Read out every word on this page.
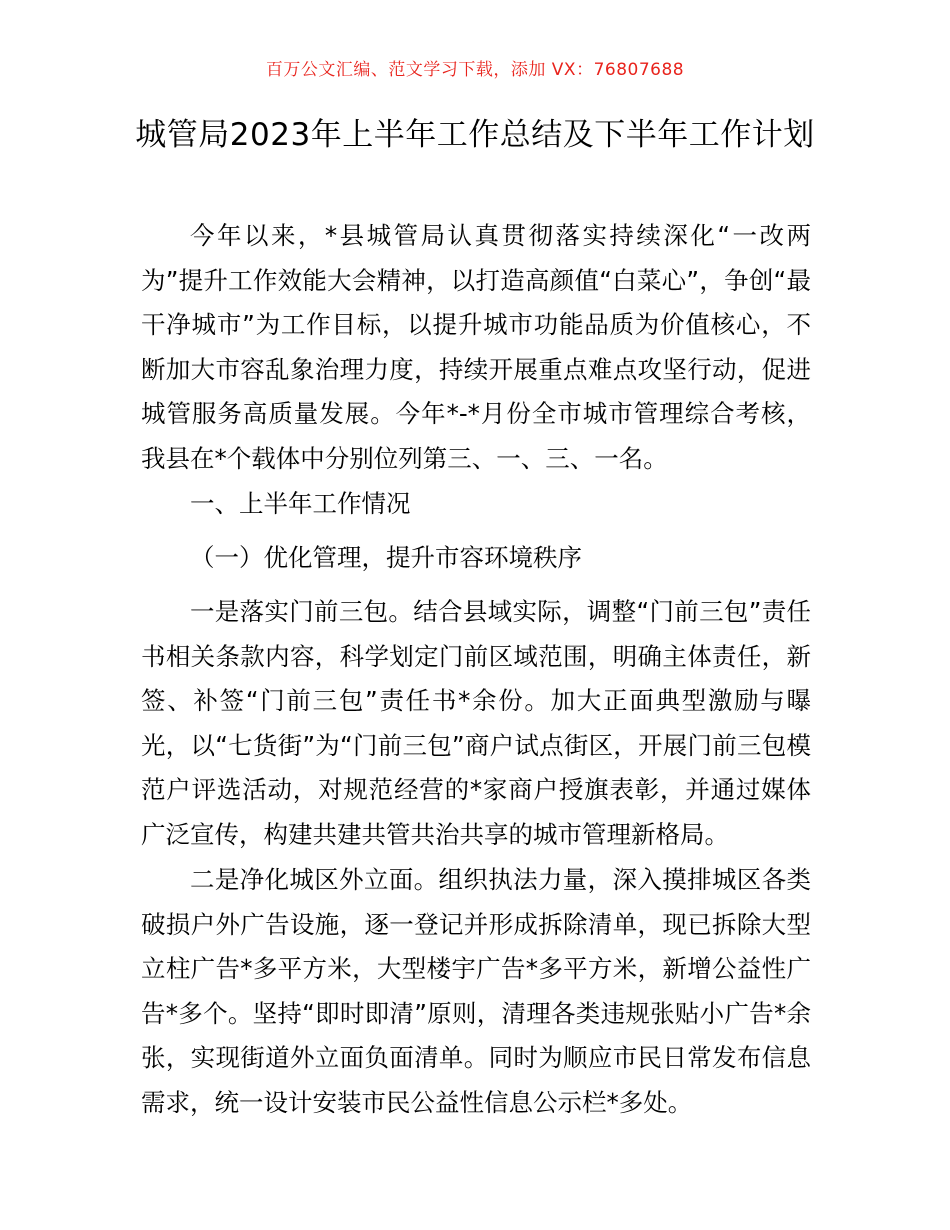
百万公文汇编、范文学习下载，添加 VX：76807688
城管局2023年上半年工作总结及下半年工作计划

今年以来，*县城管局认真贯彻落实持续深化“一改两为”提升工作效能大会精神，以打造高颜值“白菜心”，争创“最干净城市”为工作目标，以提升城市功能品质为价值核心，不断加大市容乱象治理力度，持续开展重点难点攻坚行动，促进城管服务高质量发展。今年*-*月份全市城市管理综合考核，我县在*个载体中分别位列第三、一、三、一名。

一、上半年工作情况

（一）优化管理，提升市容环境秩序

一是落实门前三包。结合县域实际，调整“门前三包”责任书相关条款内容，科学划定门前区域范围，明确主体责任，新签、补签“门前三包”责任书*余份。加大正面典型激励与曝光，以“七货街”为“门前三包”商户试点街区，开展门前三包模范户评选活动，对规范经营的*家商户授旗表彰，并通过媒体广泛宣传，构建共建共管共治共享的城市管理新格局。

二是净化城区外立面。组织执法力量，深入摸排城区各类破损户外广告设施，逐一登记并形成拆除清单，现已拆除大型立柱广告*多平方米，大型楼宇广告*多平方米，新增公益性广告*多个。坚持“即时即清”原则，清理各类违规张贴小广告*余张，实现街道外立面负面清单。同时为顺应市民日常发布信息需求，统一设计安装市民公益性信息公示栏*多处。
